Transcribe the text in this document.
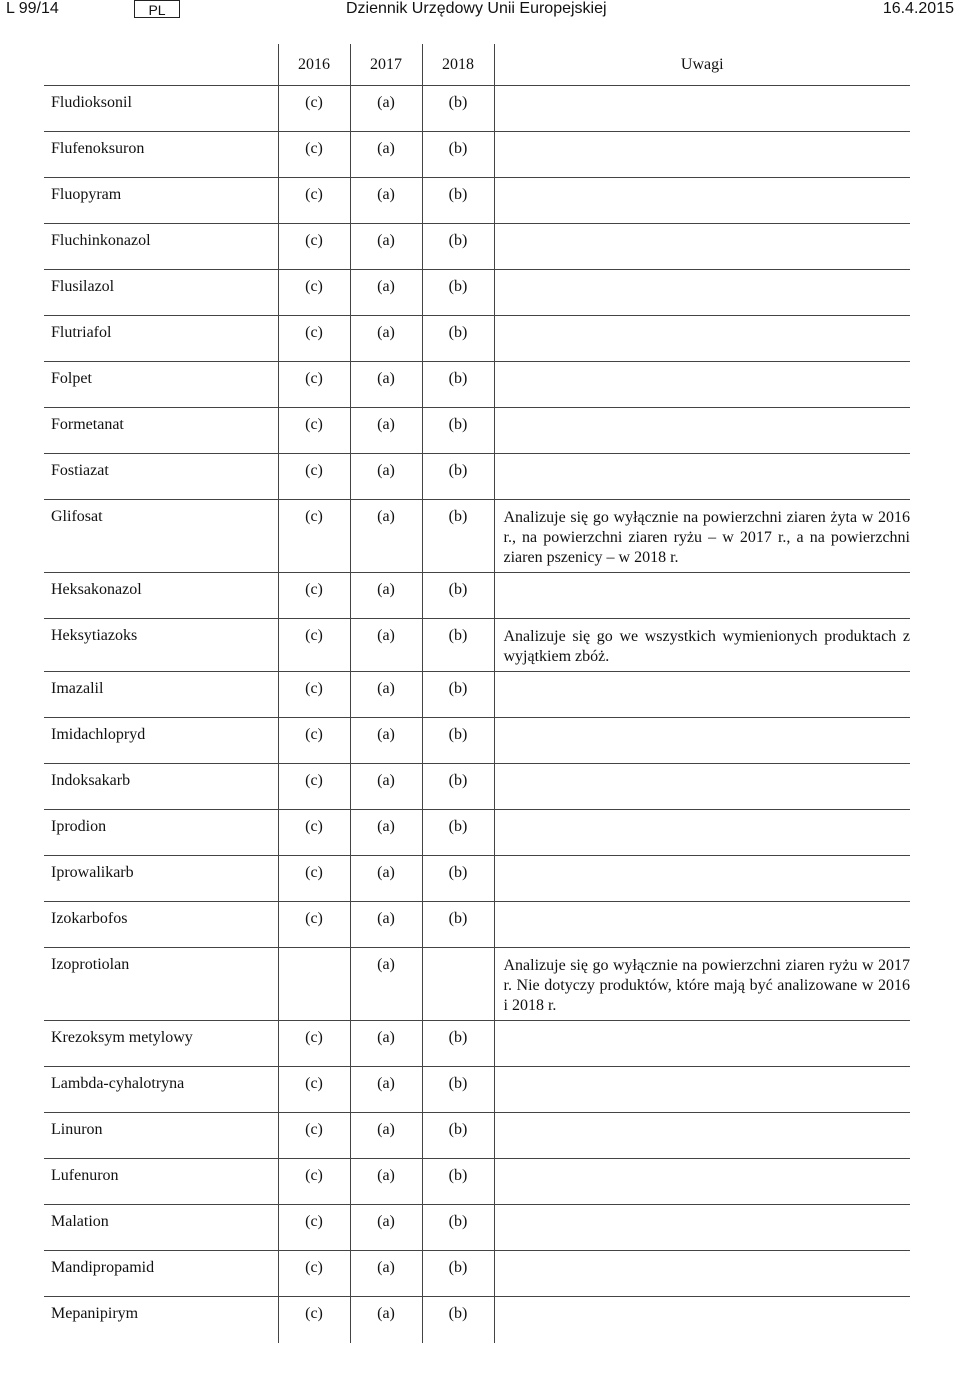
L 99/14	PL	Dziennik Urzędowy Unii Europejskiej	16.4.2015
	2016	2017	2018	Uwagi
Fludioksonil	(c)	(a)	(b)	
Flufenoksuron	(c)	(a)	(b)	
Fluopyram	(c)	(a)	(b)	
Fluchinkonazol	(c)	(a)	(b)	
Flusilazol	(c)	(a)	(b)	
Flutriafol	(c)	(a)	(b)	
Folpet	(c)	(a)	(b)	
Formetanat	(c)	(a)	(b)	
Fostiazat	(c)	(a)	(b)	
Glifosat	(c)	(a)	(b)	Analizuje się go wyłącznie na powierzchni ziaren żyta w 2016 r., na powierzchni ziaren ryżu – w 2017 r., a na powierzchni ziaren pszenicy – w 2018 r.
Heksakonazol	(c)	(a)	(b)	
Heksytiazoks	(c)	(a)	(b)	Analizuje się go we wszystkich wymienionych produktach z wyjątkiem zbóż.
Imazalil	(c)	(a)	(b)	
Imidachlopryd	(c)	(a)	(b)	
Indoksakarb	(c)	(a)	(b)	
Iprodion	(c)	(a)	(b)	
Iprowalikarb	(c)	(a)	(b)	
Izokarbofos	(c)	(a)	(b)	
Izoprotiolan		(a)		Analizuje się go wyłącznie na powierzchni ziaren ryżu w 2017 r. Nie dotyczy produktów, które mają być analizowane w 2016 i 2018 r.
Krezoksym metylowy	(c)	(a)	(b)	
Lambda-cyhalotryna	(c)	(a)	(b)	
Linuron	(c)	(a)	(b)	
Lufenuron	(c)	(a)	(b)	
Malation	(c)	(a)	(b)	
Mandipropamid	(c)	(a)	(b)	
Mepanipirym	(c)	(a)	(b)	
